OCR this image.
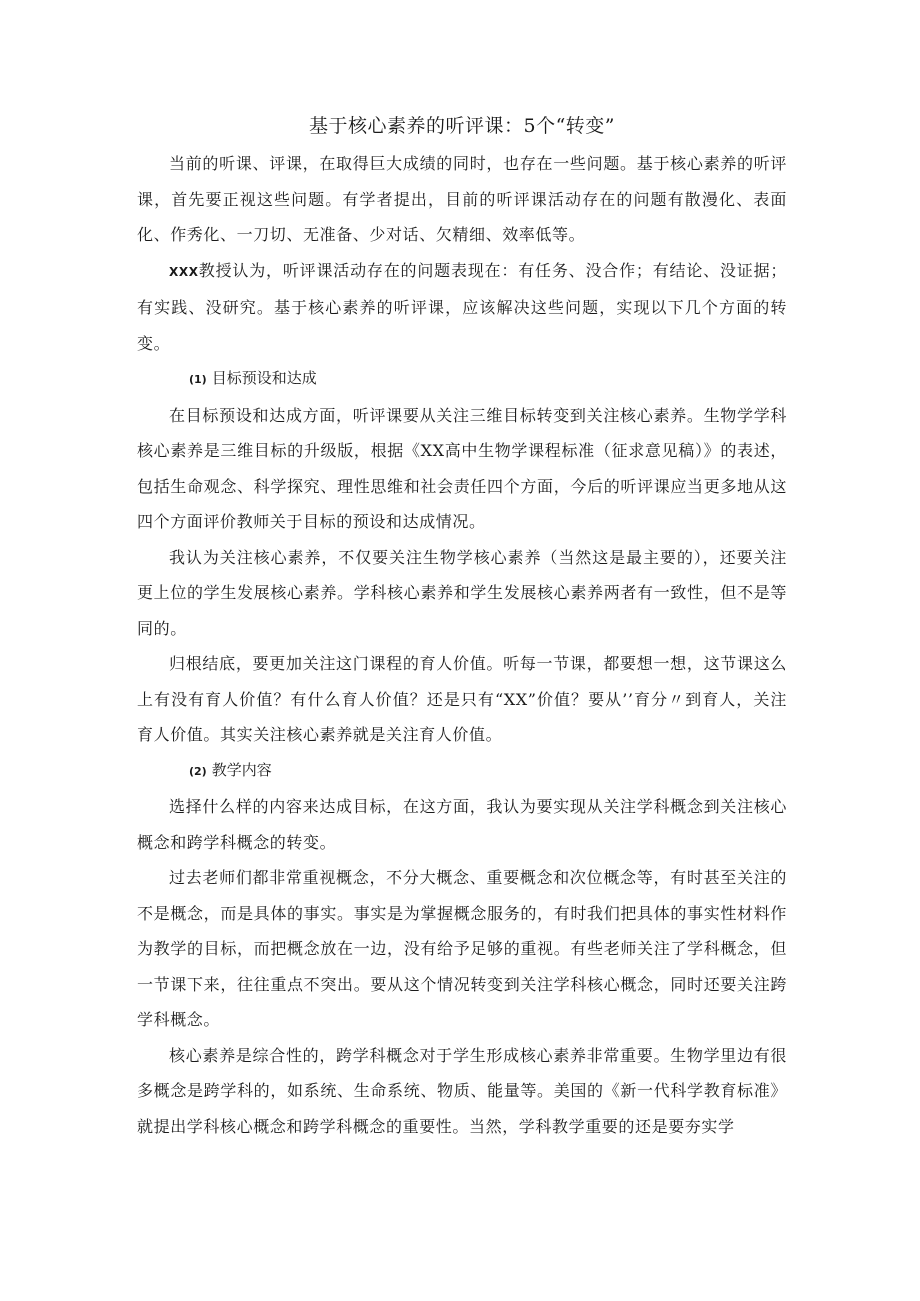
基于核心素养的听评课：5个“转变”

当前的听课、评课，在取得巨大成绩的同时，也存在一些问题。基于核心素养的听评课，首先要正视这些问题。有学者提出，目前的听评课活动存在的问题有散漫化、表面化、作秀化、一刀切、无准备、少对话、欠精细、效率低等。

XXX教授认为，听评课活动存在的问题表现在：有任务、没合作；有结论、没证据；有实践、没研究。基于核心素养的听评课，应该解决这些问题，实现以下几个方面的转变。

(1) 目标预设和达成

在目标预设和达成方面，听评课要从关注三维目标转变到关注核心素养。生物学学科核心素养是三维目标的升级版，根据《XX高中生物学课程标准（征求意见稿）》的表述，包括生命观念、科学探究、理性思维和社会责任四个方面，今后的听评课应当更多地从这四个方面评价教师关于目标的预设和达成情况。

我认为关注核心素养，不仅要关注生物学核心素养（当然这是最主要的），还要关注更上位的学生发展核心素养。学科核心素养和学生发展核心素养两者有一致性，但不是等同的。

归根结底，要更加关注这门课程的育人价值。听每一节课，都要想一想，这节课这么上有没有育人价值？有什么育人价值？还是只有“XX”价值？要从’’育分〃到育人，关注育人价值。其实关注核心素养就是关注育人价值。

(2) 教学内容

选择什么样的内容来达成目标，在这方面，我认为要实现从关注学科概念到关注核心概念和跨学科概念的转变。

过去老师们都非常重视概念，不分大概念、重要概念和次位概念等，有时甚至关注的不是概念，而是具体的事实。事实是为掌握概念服务的，有时我们把具体的事实性材料作为教学的目标，而把概念放在一边，没有给予足够的重视。有些老师关注了学科概念，但一节课下来，往往重点不突出。要从这个情况转变到关注学科核心概念，同时还要关注跨学科概念。

核心素养是综合性的，跨学科概念对于学生形成核心素养非常重要。生物学里边有很多概念是跨学科的，如系统、生命系统、物质、能量等。美国的《新一代科学教育标准》就提出学科核心概念和跨学科概念的重要性。当然，学科教学重要的还是要夯实学
